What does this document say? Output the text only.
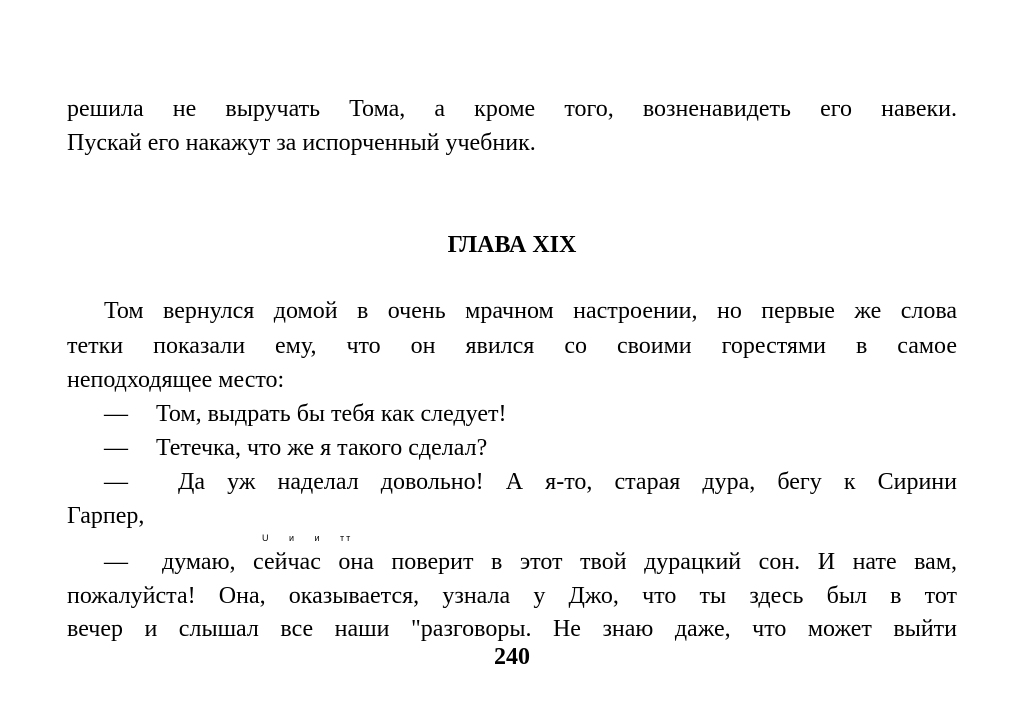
решила не выручать Тома, а кроме того, возненавидеть его навеки.
Пускай его накажут за испорченный учебник.
ГЛАВА XIX
Том вернулся домой в очень мрачном настроении, но первые же слова
тетки показали ему, что он явился со своими горестями в самое
неподходящее место:
— Том, выдрать бы тебя как следует!
— Тетечка, что же я такого сделал?
—	Да уж наделал довольно! А я-то, старая дура, бегу к Сирини
Гарпер,
U и и тт
—	думаю, сейчас она поверит в этот твой дурацкий сон. И нате вам,
пожалуйста! Она, оказывается, узнала у Джо, что ты здесь был в тот
вечер и слышал все наши "разговоры. Не знаю даже, что может выйти
240
